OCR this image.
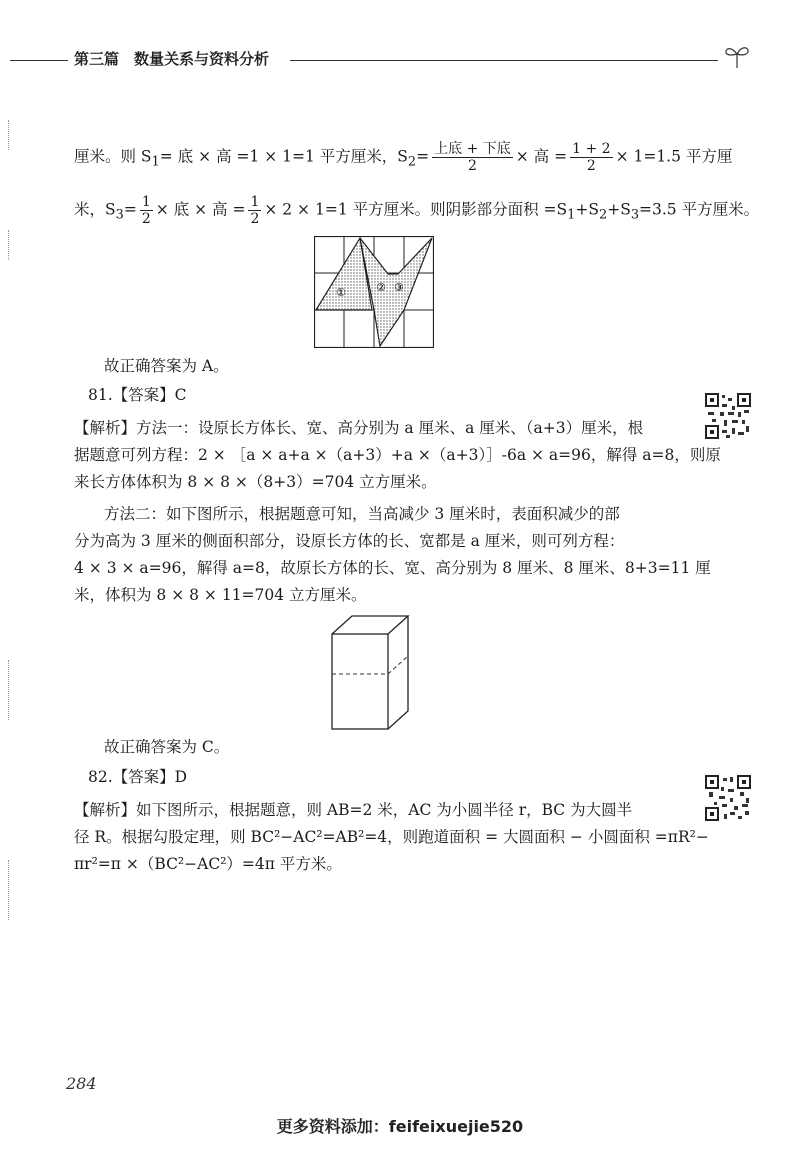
第三篇　数量关系与资料分析
厘米。则 $S_1=$ 底 × 高 =1 × 1=1 平方厘米，$S_2= \frac{\text{上底 + 下底}}{2}$ × 高 = $\frac{1 + 2}{2} \times 1=1.5$ 平方厘
米，$S_3= \frac{1}{2}$ × 底 × 高 = $\frac{1}{2} \times 2 \times 1=1$ 平方厘米。则阴影部分面积 $=S_1+S_2+S_3=3.5$ 平方厘米。
①	② ③
故正确答案为 A。
81.【答案】C
【解析】方法一：设原长方体长、宽、高分别为 a 厘米、a 厘米、（a+3）厘米，根
据题意可列方程：2 × ［a × a+a ×（a+3）+a ×（a+3）］-6a × a=96，解得 a=8，则原
来长方体体积为 8 × 8 ×（8+3）=704 立方厘米。
方法二：如下图所示，根据题意可知，当高减少 3 厘米时，表面积减少的部
分为高为 3 厘米的侧面积部分，设原长方体的长、宽都是 a 厘米，则可列方程：
4 × 3 × a=96，解得 a=8，故原长方体的长、宽、高分别为 8 厘米、8 厘米、8+3=11 厘
米，体积为 8 × 8 × 11=704 立方厘米。
故正确答案为 C。
82.【答案】D
【解析】如下图所示，根据题意，则 AB=2 米，AC 为小圆半径 r，BC 为大圆半
径 R。根据勾股定理，则 BC²−AC²=AB²=4，则跑道面积 = 大圆面积 − 小圆面积 =πR²−
πr²=π ×（BC²−AC²）=4π 平方米。
284
更多资料添加：feifeixuejie520
